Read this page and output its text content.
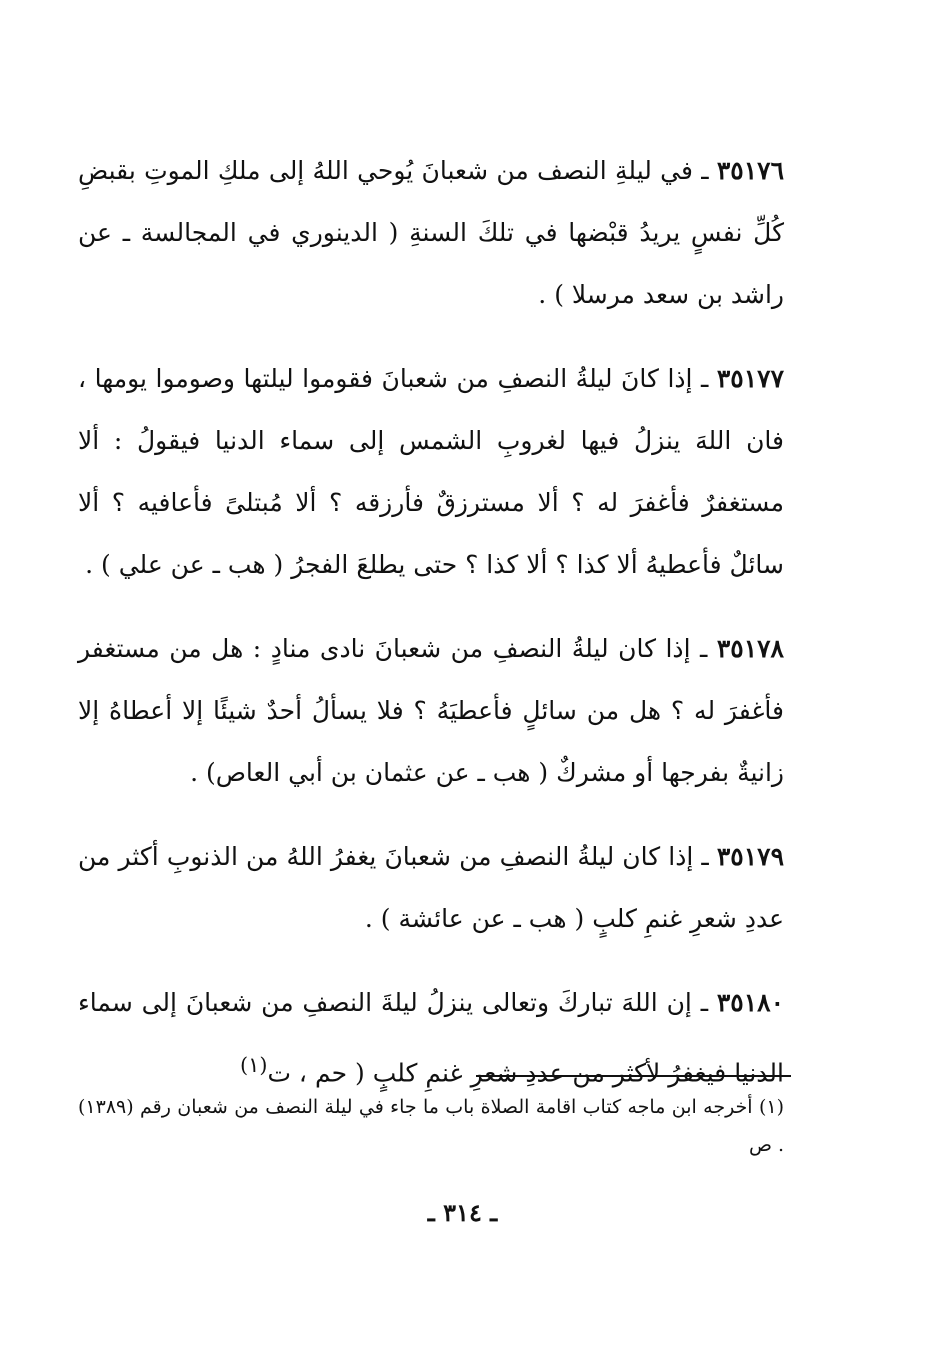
٣٥١٧٦ ـ في ليلةِ النصف من شعبانَ يُوحي اللهُ إلى ملكِ الموتِ بقبضِ كُلِّ نفسٍ يريدُ قبْضها في تلكَ السنةِ ( الدينوري في المجالسة ـ عن راشد بن سعد مرسلا ) .

٣٥١٧٧ ـ إذا كانَ ليلةُ النصفِ من شعبانَ فقوموا ليلتها وصوموا يومها ، فان اللهَ ينزلُ فيها لغروبِ الشمس إلى سماء الدنيا فيقولُ : ألا مستغفرٌ فأغفرَ له ؟ ألا مسترزقٌ فأرزقه ؟ ألا مُبتلىً فأعافيه ؟ ألا سائلٌ فأعطيهُ ألا كذا ؟ ألا كذا ؟ حتى يطلعَ الفجرُ ( هب ـ عن علي ) .

٣٥١٧٨ ـ إذا كان ليلةُ النصفِ من شعبانَ نادى منادٍ : هل من مستغفر فأغفرَ له ؟ هل من سائلٍ فأعطيَهُ ؟ فلا يسألُ أحدٌ شيئًا إلا أعطاهُ إلا زانيةٌ بفرجها أو مشركٌ ( هب ـ عن عثمان بن أبي العاص) .

٣٥١٧٩ ـ إذا كان ليلةُ النصفِ من شعبانَ يغفرُ اللهُ من الذنوبِ أكثر من عددِ شعرِ غنمِ كلبٍ ( هب ـ عن عائشة ) .

٣٥١٨٠ ـ إن اللهَ تباركَ وتعالى ينزلُ ليلةَ النصفِ من شعبانَ إلى سماء الدنيا فيغفرُ لأكثر من عددِ شعرِ غنمِ كلبٍ ( حم ، ت$^{(١)}$

(١) أخرجه ابن ماجه كتاب اقامة الصلاة باب ما جاء في ليلة النصف من شعبان رقم (١٣٨٩) . ص
ـ ٣١٤ ـ
